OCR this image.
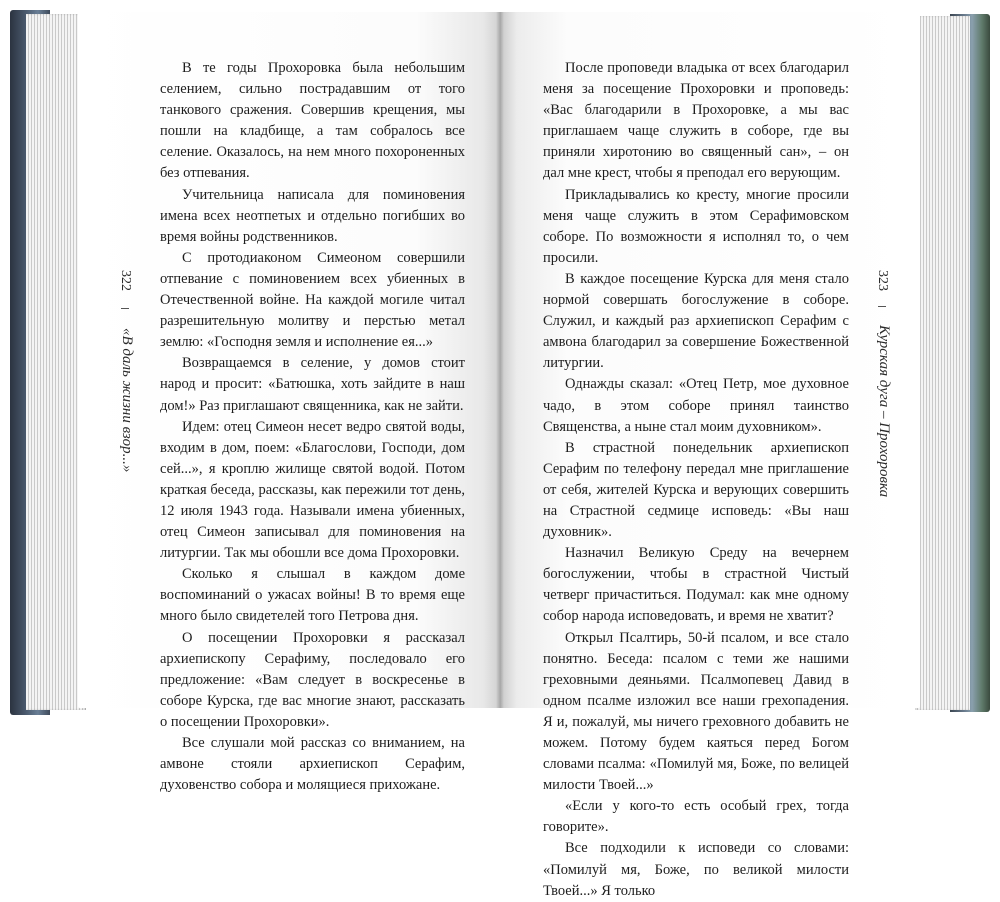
322
«В даль жизни взор...»
323
Курская дуга – Прохоровка

В те годы Прохоровка была небольшим селением, сильно пострадавшим от того танкового сражения. Совершив крещения, мы пошли на кладбище, а там собралось все селение. Оказалось, на нем много похороненных без отпевания.

Учительница написала для поминовения имена всех неотпетых и отдельно погибших во время войны родственников.

С протодиаконом Симеоном совершили отпевание с поминовением всех убиенных в Отечественной войне. На каждой могиле читал разрешительную молитву и перстью метал землю: «Господня земля и исполнение ея...»

Возвращаемся в селение, у домов стоит народ и просит: «Батюшка, хоть зайдите в наш дом!» Раз приглашают священника, как не зайти.

Идем: отец Симеон несет ведро святой воды, входим в дом, поем: «Благослови, Господи, дом сей...», я кроплю жилище святой водой. Потом краткая беседа, рассказы, как пережили тот день, 12 июля 1943 года. Называли имена убиенных, отец Симеон записывал для поминовения на литургии. Так мы обошли все дома Прохоровки.

Сколько я слышал в каждом доме воспоминаний о ужасах войны! В то время еще много было свидетелей того Петрова дня.

О посещении Прохоровки я рассказал архиепископу Серафиму, последовало его предложение: «Вам следует в воскресенье в соборе Курска, где вас многие знают, рассказать о посещении Прохоровки».

Все слушали мой рассказ со вниманием, на амвоне стояли архиепископ Серафим, духовенство собора и молящиеся прихожане.

После проповеди владыка от всех благодарил меня за посещение Прохоровки и проповедь: «Вас благодарили в Прохоровке, а мы вас приглашаем чаще служить в соборе, где вы приняли хиротонию во священный сан», – он дал мне крест, чтобы я преподал его верующим.

Прикладывались ко кресту, многие просили меня чаще служить в этом Серафимовском соборе. По возможности я исполнял то, о чем просили.

В каждое посещение Курска для меня стало нормой совершать богослужение в соборе. Служил, и каждый раз архиепископ Серафим с амвона благодарил за совершение Божественной литургии.

Однажды сказал: «Отец Петр, мое духовное чадо, в этом соборе принял таинство Священства, а ныне стал моим духовником».

В страстной понедельник архиепископ Серафим по телефону передал мне приглашение от себя, жителей Курска и верующих совершить на Страстной седмице исповедь: «Вы наш духовник».

Назначил Великую Среду на вечернем богослужении, чтобы в страстной Чистый четверг причаститься. Подумал: как мне одному собор народа исповедовать, и время не хватит?

Открыл Псалтирь, 50-й псалом, и все стало понятно. Беседа: псалом с теми же нашими греховными деяньями. Псалмопевец Давид в одном псалме изложил все наши грехопадения. Я и, пожалуй, мы ничего греховного добавить не можем. Потому будем каяться перед Богом словами псалма: «Помилуй мя, Боже, по велицей милости Твоей...»

«Если у кого-то есть особый грех, тогда говорите».

Все подходили к исповеди со словами: «Помилуй мя, Боже, по великой милости Твоей...» Я только
